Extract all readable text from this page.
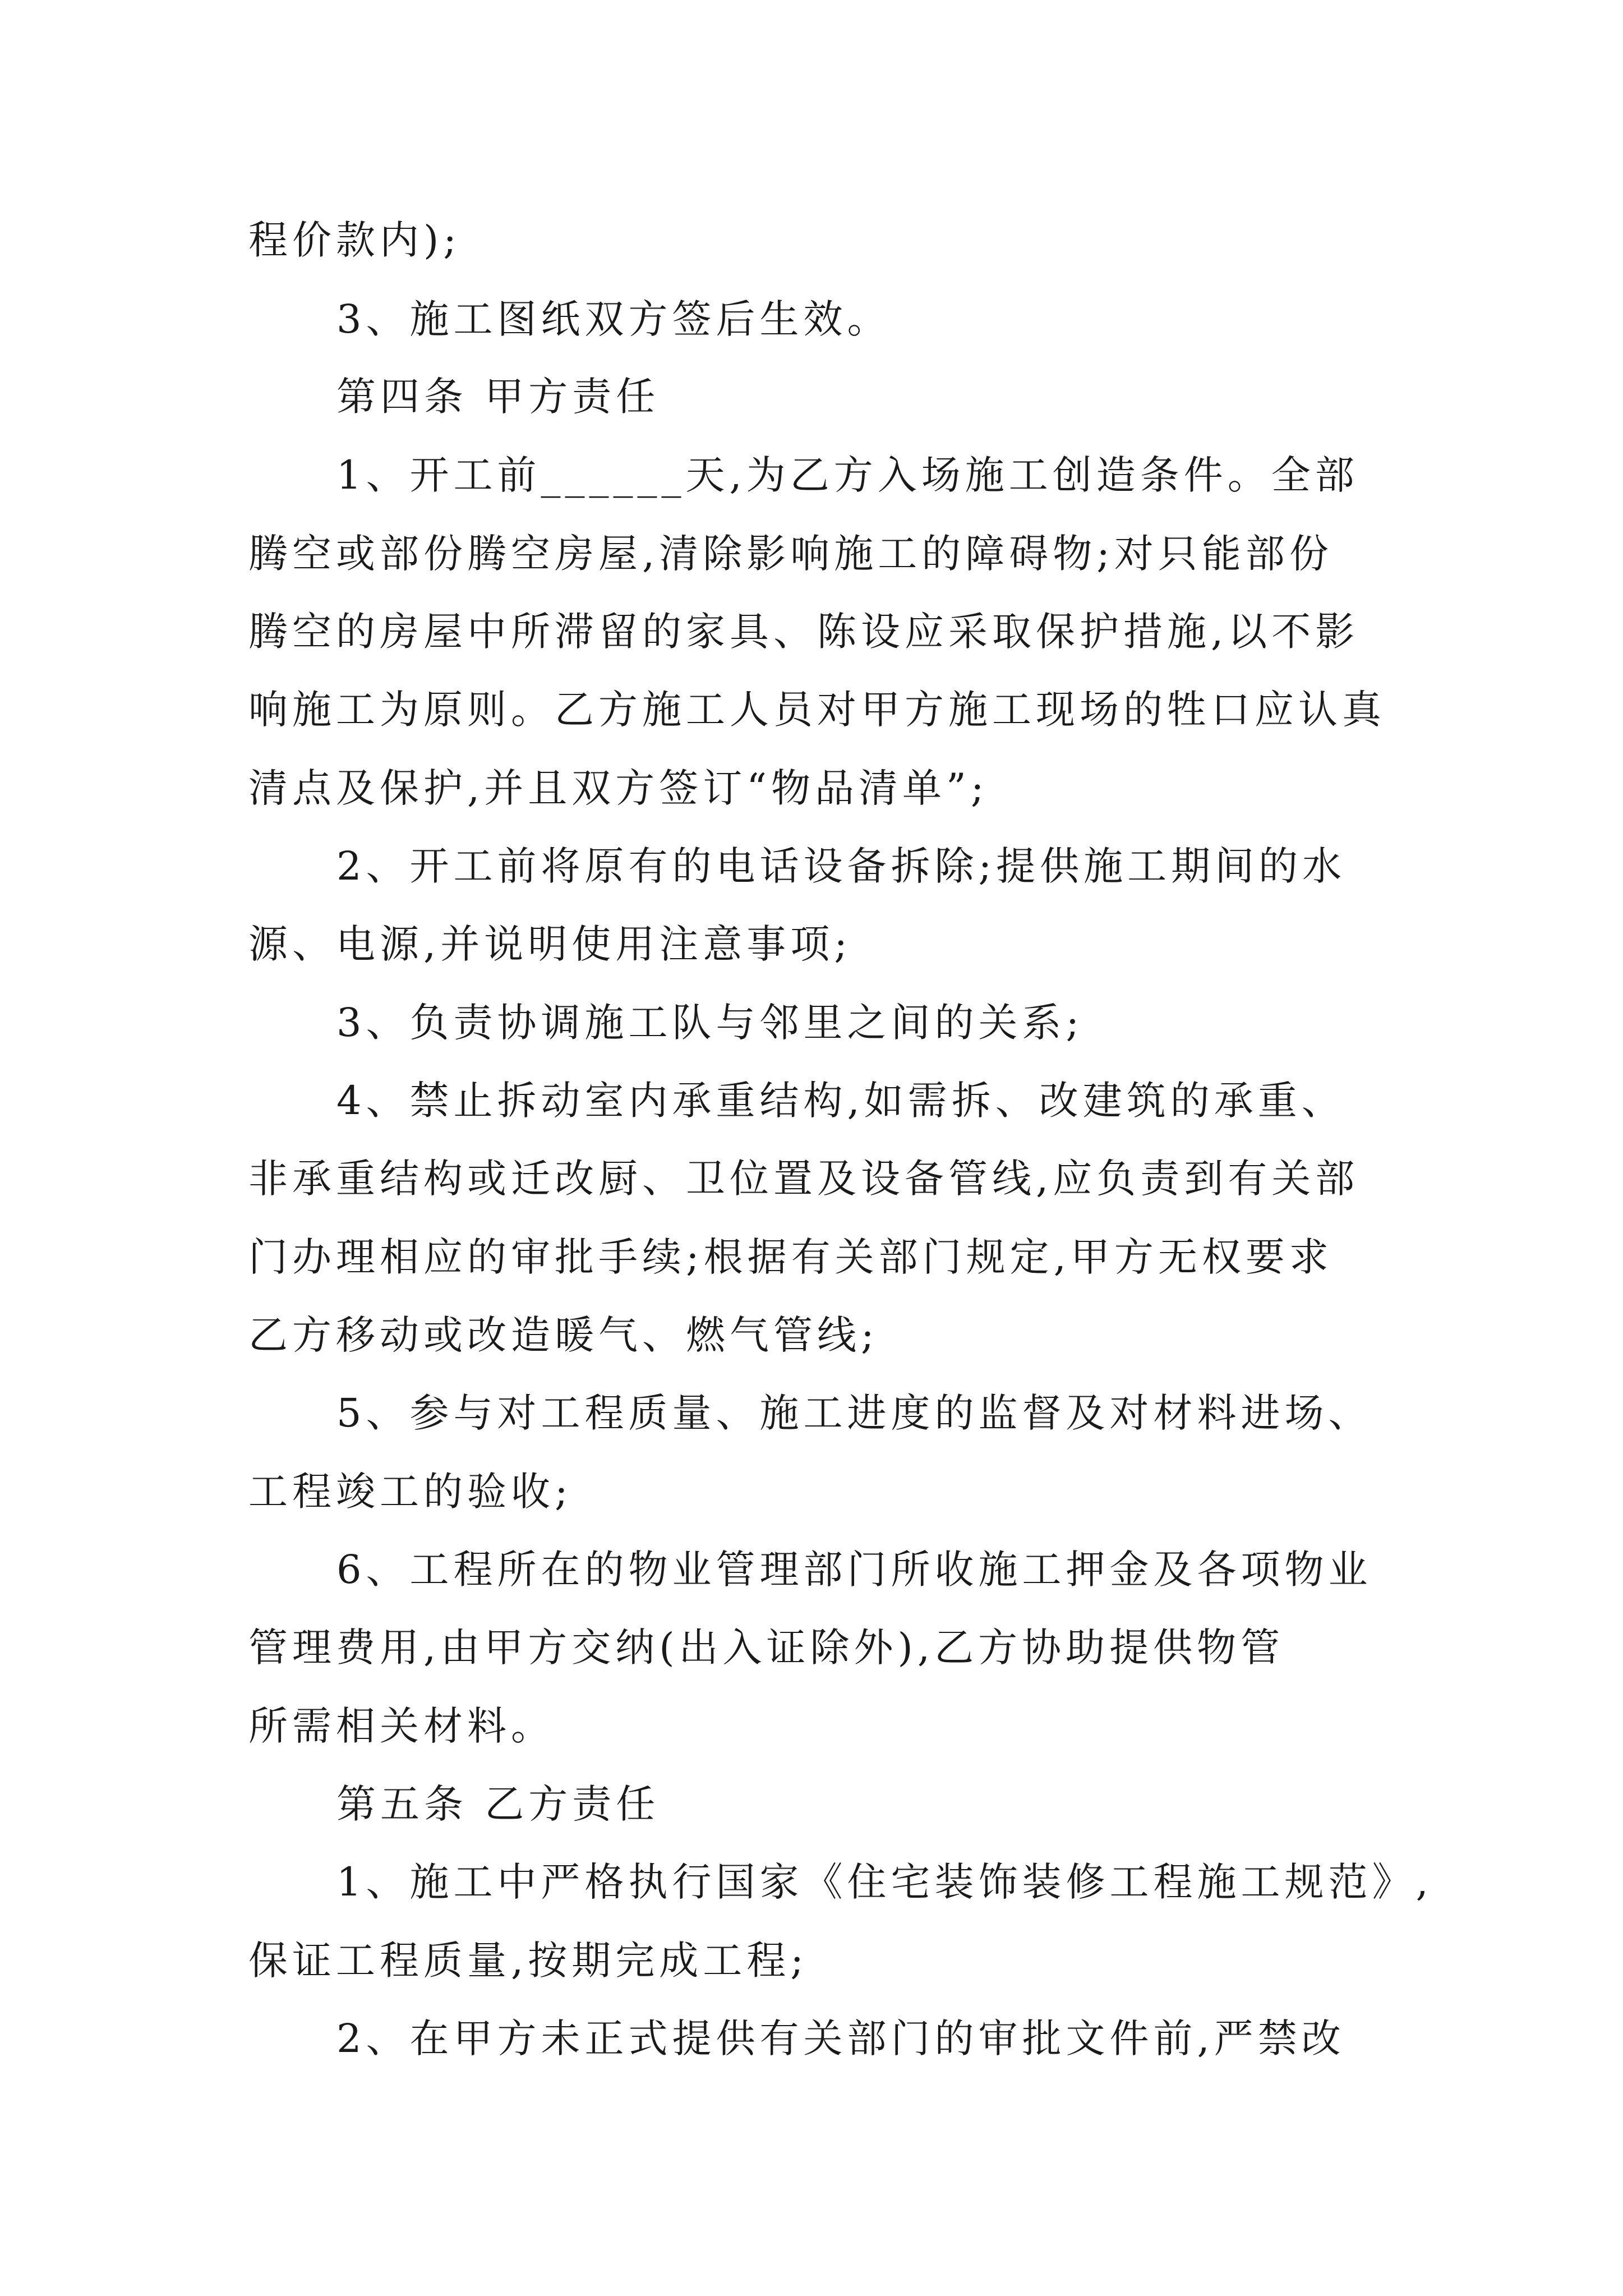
程价款内);
3、施工图纸双方签后生效。
第四条 甲方责任
1、开工前______天,为乙方入场施工创造条件。全部
腾空或部份腾空房屋,清除影响施工的障碍物;对只能部份
腾空的房屋中所滞留的家具、陈设应采取保护措施,以不影
响施工为原则。乙方施工人员对甲方施工现场的牲口应认真
清点及保护,并且双方签订“物品清单”;
2、开工前将原有的电话设备拆除;提供施工期间的水
源、电源,并说明使用注意事项;
3、负责协调施工队与邻里之间的关系;
4、禁止拆动室内承重结构,如需拆、改建筑的承重、
非承重结构或迁改厨、卫位置及设备管线,应负责到有关部
门办理相应的审批手续;根据有关部门规定,甲方无权要求
乙方移动或改造暖气、燃气管线;
5、参与对工程质量、施工进度的监督及对材料进场、
工程竣工的验收;
6、工程所在的物业管理部门所收施工押金及各项物业
管理费用,由甲方交纳(出入证除外),乙方协助提供物管
所需相关材料。
第五条 乙方责任
1、施工中严格执行国家《住宅装饰装修工程施工规范》,
保证工程质量,按期完成工程;
2、在甲方未正式提供有关部门的审批文件前,严禁改
